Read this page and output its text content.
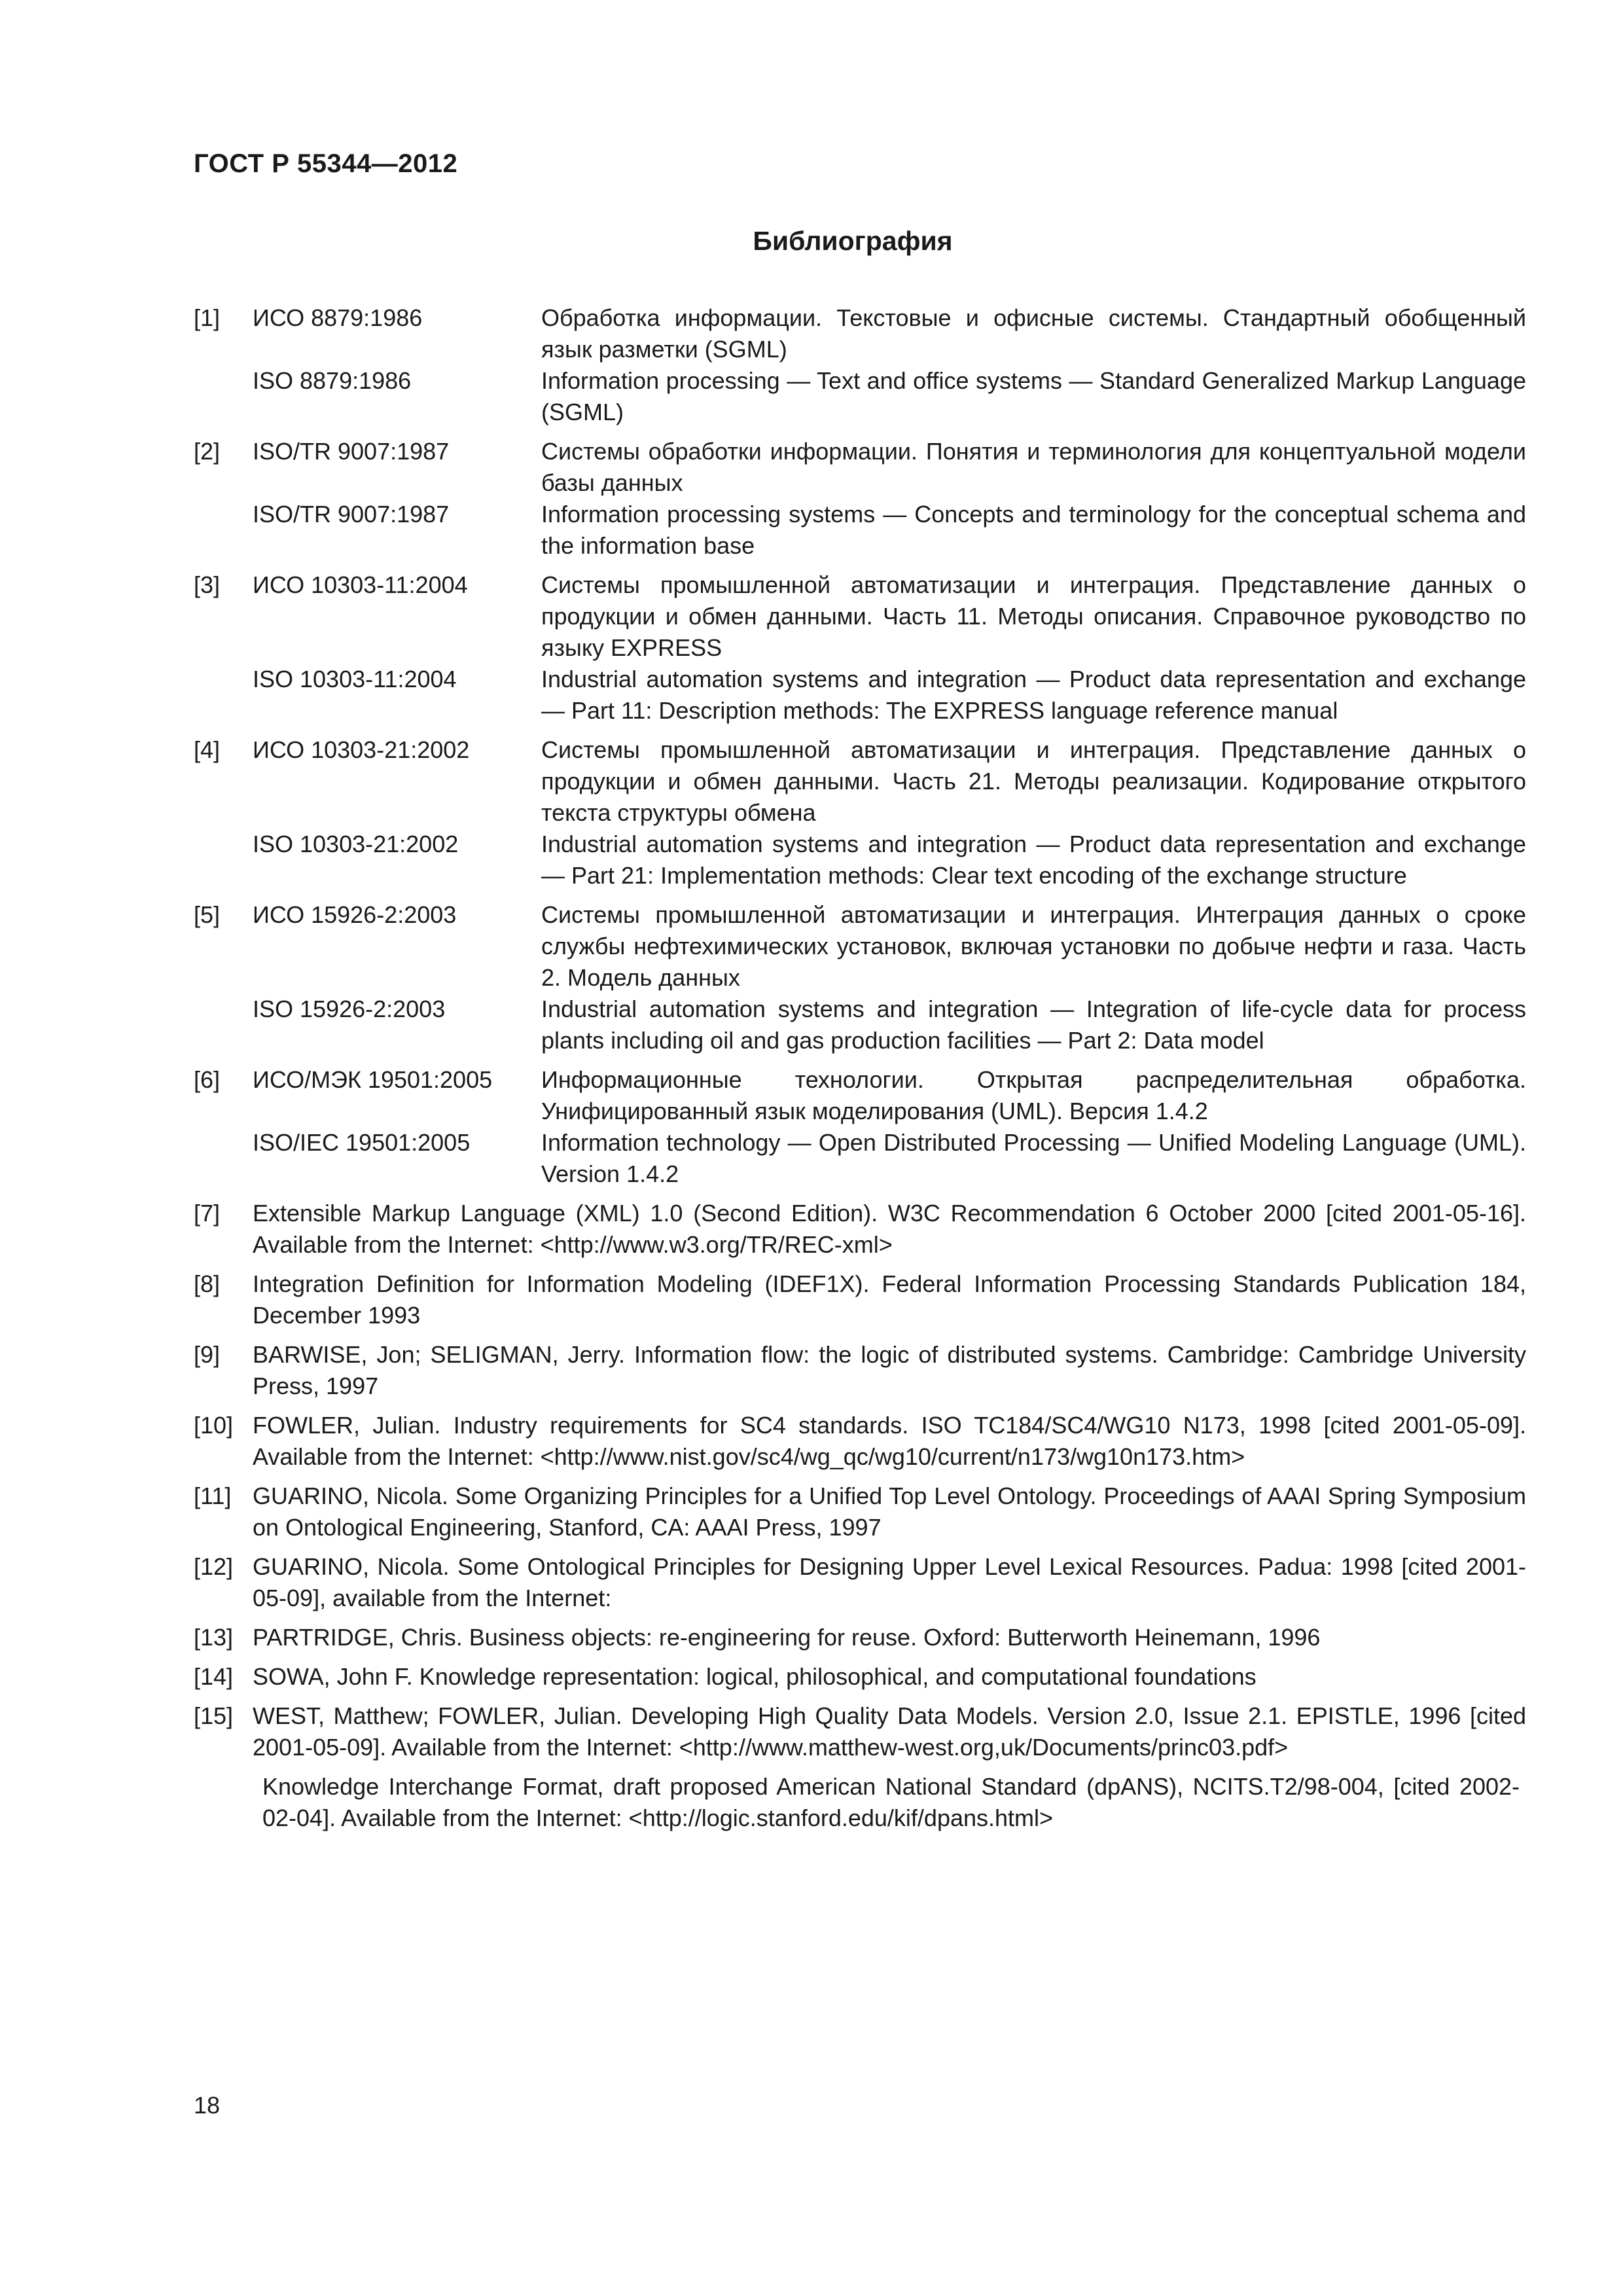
ГОСТ Р 55344—2012
Библиография
[1]	ИСО 8879:1986	Обработка информации. Текстовые и офисные системы. Стандартный обобщенный язык разметки (SGML)
ISO 8879:1986	Information processing — Text and office systems — Standard Generalized Markup Language (SGML)
[2]	ISO/TR 9007:1987	Системы обработки информации. Понятия и терминология для концептуальной модели базы данных
ISO/TR 9007:1987	Information processing systems — Concepts and terminology for the conceptual schema and the information base
[3]	ИСО 10303-11:2004	Системы промышленной автоматизации и интеграция. Представление данных о продукции и обмен данными. Часть 11. Методы описания. Справочное руководство по языку EXPRESS
ISO 10303-11:2004	Industrial automation systems and integration — Product data representation and exchange — Part 11: Description methods: The EXPRESS language reference manual
[4]	ИСО 10303-21:2002	Системы промышленной автоматизации и интеграция. Представление данных о продукции и обмен данными. Часть 21. Методы реализации. Кодирование открытого текста структуры обмена
ISO 10303-21:2002	Industrial automation systems and integration — Product data representation and exchange — Part 21: Implementation methods: Clear text encoding of the exchange structure
[5]	ИСО 15926-2:2003	Системы промышленной автоматизации и интеграция. Интеграция данных о сроке службы нефтехимических установок, включая установки по добыче нефти и газа. Часть 2. Модель данных
ISO 15926-2:2003	Industrial automation systems and integration — Integration of life-cycle data for process plants including oil and gas production facilities — Part 2: Data model
[6]	ИСО/МЭК 19501:2005	Информационные технологии. Открытая распределительная обработка. Унифицированный язык моделирования (UML). Версия 1.4.2
ISO/IEC 19501:2005	Information technology — Open Distributed Processing — Unified Modeling Language (UML). Version 1.4.2
[7]	Extensible Markup Language (XML) 1.0 (Second Edition). W3C Recommendation 6 October 2000 [cited 2001-05-16]. Available from the Internet: <http://www.w3.org/TR/REC-xml>
[8]	Integration Definition for Information Modeling (IDEF1X). Federal Information Processing Standards Publication 184, December 1993
[9]	BARWISE, Jon; SELIGMAN, Jerry. Information flow: the logic of distributed systems. Cambridge: Cambridge University Press, 1997
[10] FOWLER, Julian. Industry requirements for SC4 standards. ISO TC184/SC4/WG10 N173, 1998 [cited 2001-05-09]. Available from the Internet: <http://www.nist.gov/sc4/wg_qc/wg10/current/n173/wg10n173.htm>
[11] GUARINO, Nicola. Some Organizing Principles for a Unified Top Level Ontology. Proceedings of AAAI Spring Symposium on Ontological Engineering, Stanford, CA: AAAI Press, 1997
[12] GUARINO, Nicola. Some Ontological Principles for Designing Upper Level Lexical Resources. Padua: 1998 [cited 2001-05-09], available from the Internet:
[13] PARTRIDGE, Chris. Business objects: re-engineering for reuse. Oxford: Butterworth Heinemann, 1996
[14] SOWA, John F. Knowledge representation: logical, philosophical, and computational foundations
[15] WEST, Matthew; FOWLER, Julian. Developing High Quality Data Models. Version 2.0, Issue 2.1. EPISTLE, 1996 [cited 2001-05-09]. Available from the Internet: <http://www.matthew-west.org,uk/Documents/princ03.pdf>
Knowledge Interchange Format, draft proposed American National Standard (dpANS), NCITS.T2/98-004, [cited 2002-02-04]. Available from the Internet: <http://logic.stanford.edu/kif/dpans.html>
18
